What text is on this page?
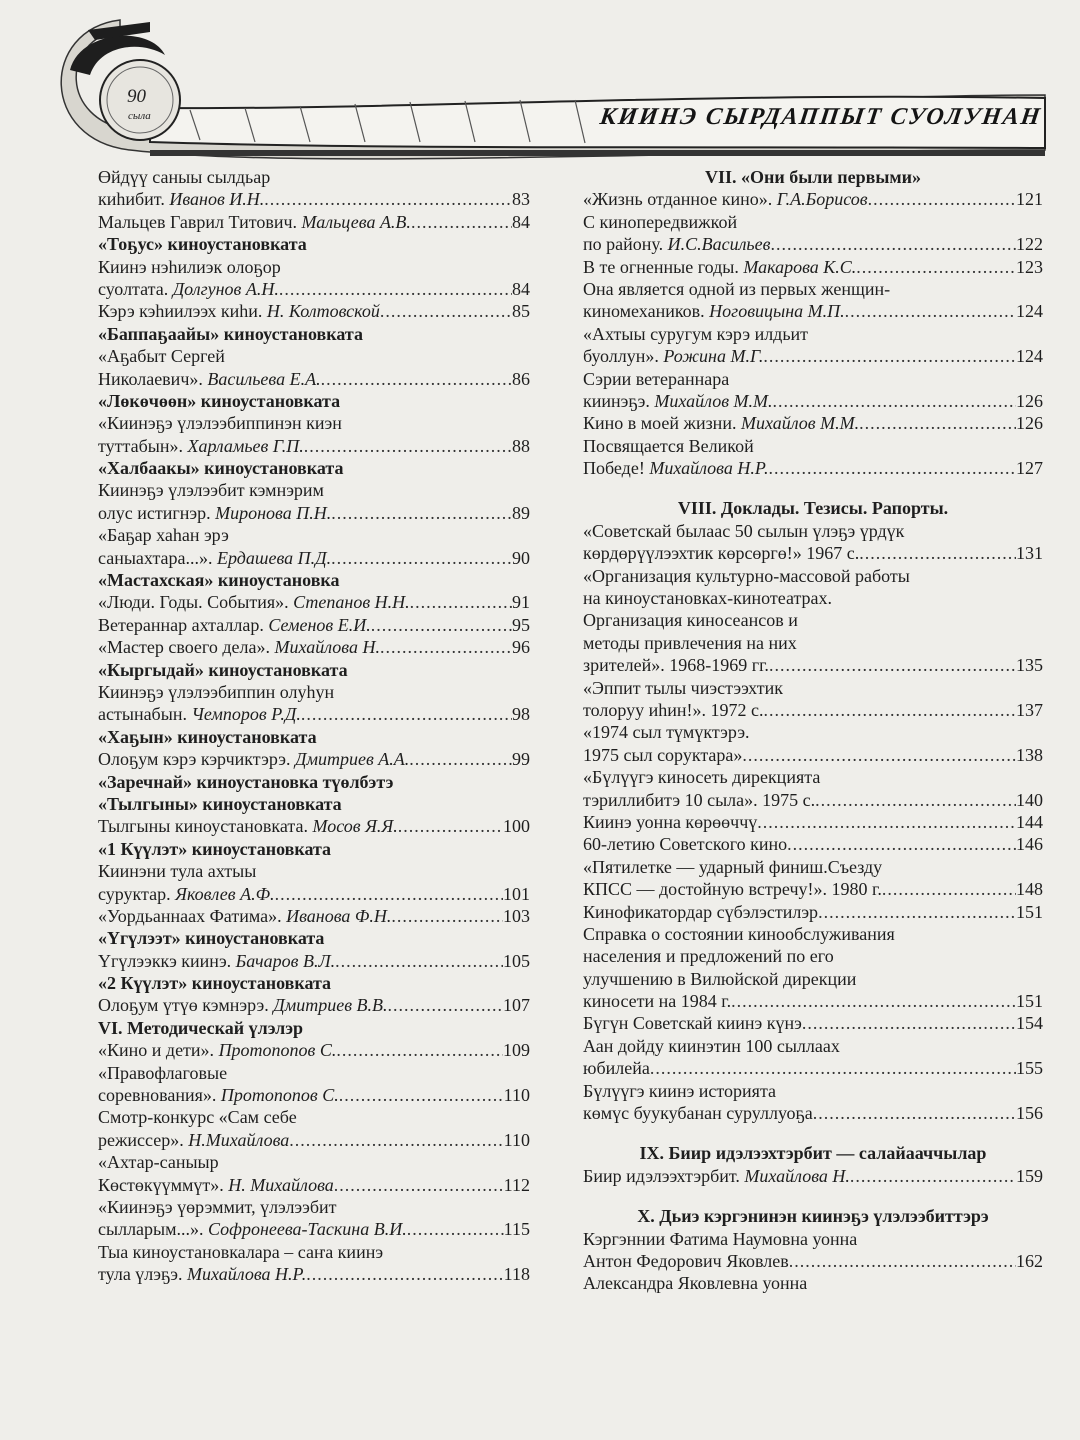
90
сыла	КИИНЭ СЫРДАППЫТ СУОЛУНАН
Өйдүү саныы сылдьар
киһибит. Иванов И.Н. .....	83
Мальцев Гаврил Титович. Мальцева А.В. .....	84
«Тоҕус» киноустановката
Киинэ нэһилиэк олоҕор
суолтата. Долгунов А.Н. .....	84
Кэрэ кэһиилээх киһи. Н. Колтовской .....	85
«Баппаҕаайы» киноустановката
«Аҕабыт Сергей
Николаевич». Васильева Е.А. .....	86
«Лөкөчөөн» киноустановката
«Киинэҕэ үлэлээбиппинэн киэн
туттабын». Харламьев Г.П. .....	88
«Халбаакы» киноустановката
Киинэҕэ үлэлээбит кэмнэрим
олус истигнэр. Миронова П.Н. .....	89
«Баҕар хаһан эрэ
саныахтара...». Ердашева П.Д. .....	90
«Мастахская» киноустановка
«Люди. Годы. События». Степанов Н.Н. .....	91
Ветераннар ахталлар. Семенов Е.И. .....	95
«Мастер своего дела». Михайлова Н. .....	96
«Кыргыдай» киноустановката
Киинэҕэ үлэлээбиппин олуһун
астынабын. Чемпоров Р.Д. .....	98
«Хаҕын» киноустановката
Олоҕум кэрэ кэрчиктэрэ. Дмитриев А.А. .....	99
«Заречнай» киноустановка түөлбэтэ
«Тылгыны» киноустановката
Тылгыны киноустановката. Мосов Я.Я. .....	100
«1 Күүлэт» киноустановката
Киинэни тула ахтыы
суруктар. Яковлев А.Ф. .....	101
«Уордьаннаах Фатима». Иванова Ф.Н. .....	103
«Үгүлээт» киноустановката
Үгүлээккэ киинэ. Бачаров В.Л. .....	105
«2 Күүлэт» киноустановката
Олоҕум үтүө кэмнэрэ. Дмитриев В.В. .....	107
VI. Методическай үлэлэр
«Кино и дети». Протопопов С. .....	109
«Правофлаговые
соревнования». Протопопов С. .....	110
Смотр-конкурс «Сам себе
режиссер». Н.Михайлова .....	110
«Ахтар-саныыр
Көстөкүүммүт». Н. Михайлова .....	112
«Киинэҕэ үөрэммит, үлэлээбит
сылларым...». Софронеева-Таскина В.И. .....	115
Тыа киноустановкалара – саҥа киинэ
тула үлэҕэ. Михайлова Н.Р. .....	118
VII. «Они были первыми»
«Жизнь отданное кино». Г.А.Борисов .....	121
С кинопередвижкой
по району. И.С.Васильев .....	122
В те огненные годы. Макарова К.С. .....	123
Она является одной из первых женщин-
киномехаников. Ноговицына М.П. .....	124
«Ахтыы суругум кэрэ илдьит
буоллун». Рожина М.Г. .....	124
Сэрии ветераннара
киинэҕэ. Михайлов М.М. .....	126
Кино в моей жизни. Михайлов М.М. .....	126
Посвящается Великой
Победе! Михайлова Н.Р. .....	127
VIII. Доклады. Тезисы. Рапорты.
«Советскай былаас 50 сылын үлэҕэ үрдүк
көрдөрүүлээхтик көрсөргө!» 1967 с. .....	131
«Организация культурно-массовой работы
на киноустановках-кинотеатрах.
Организация киносеансов и
методы привлечения на них
зрителей». 1968-1969 гг. .....	135
«Эппит тылы чиэстээхтик
толоруу иһин!». 1972 с. .....	137
«1974 сыл түмүктэрэ.
1975 сыл соруктара» .....	138
«Бүлүүгэ киносеть дирекцията
тэриллибитэ 10 сыла». 1975 с. .....	140
Киинэ уонна көрөөччү .....	144
60-летию Советского кино .....	146
«Пятилетке — ударный финиш.Съезду
КПСС — достойную встречу!». 1980 г. .....	148
Кинофикатордар сүбэлэстилэр .....	151
Справка о состоянии кинообслуживания
населения и предложений по его
улучшению в Вилюйской дирекции
киносети на 1984 г. .....	151
Бүгүн Советскай киинэ күнэ .....	154
Аан дойду киинэтин 100 сыллаах
юбилейа .....	155
Бүлүүгэ киинэ историята
көмүс буукубанан суруллуоҕа .....	156
IX. Биир идэлээхтэрбит — салайааччылар
Биир идэлээхтэрбит. Михайлова Н. .....	159
X. Дьиэ кэргэнинэн киинэҕэ үлэлээбиттэрэ
Кэргэннии Фатима Наумовна уонна
Антон Федорович Яковлев .....	162
Александра Яковлевна уонна
